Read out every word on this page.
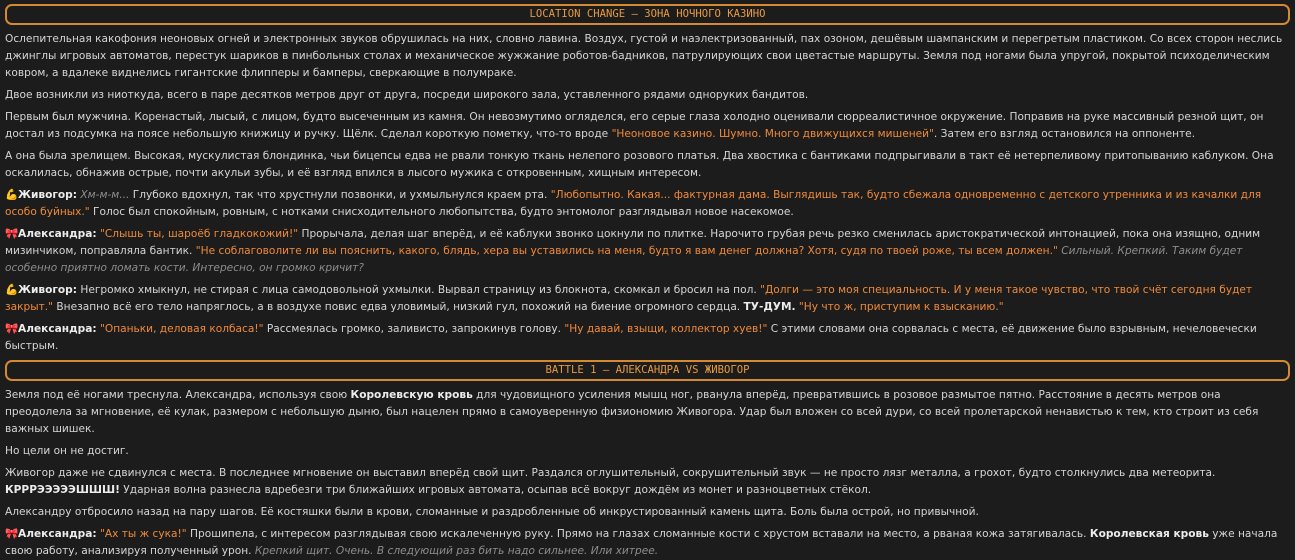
LOCATION CHANGE – ЗОНА НОЧНОГО КАЗИНО

Ослепительная какофония неоновых огней и электронных звуков обрушилась на них, словно лавина. Воздух, густой и наэлектризованный, пах озоном, дешёвым шампанским и перегретым пластиком. Со всех сторон неслись джинглы игровых автоматов, перестук шариков в пинбольных столах и механическое жужжание роботов-бадников, патрулирующих свои цветастые маршруты. Земля под ногами была упругой, покрытой психоделическим ковром, а вдалеке виднелись гигантские флипперы и бамперы, сверкающие в полумраке.

Двое возникли из ниоткуда, всего в паре десятков метров друг от друга, посреди широкого зала, уставленного рядами одноруких бандитов.

Первым был мужчина. Коренастый, лысый, с лицом, будто высеченным из камня. Он невозмутимо огляделся, его серые глаза холодно оценивали сюрреалистичное окружение. Поправив на руке массивный резной щит, он достал из подсумка на поясе небольшую книжицу и ручку. Щёлк. Сделал короткую пометку, что-то вроде "Неоновое казино. Шумно. Много движущихся мишеней". Затем его взгляд остановился на оппоненте.

А она была зрелищем. Высокая, мускулистая блондинка, чьи бицепсы едва не рвали тонкую ткань нелепого розового платья. Два хвостика с бантиками подпрыгивали в такт её нетерпеливому притопыванию каблуком. Она оскалилась, обнажив острые, почти акульи зубы, и её взгляд впился в лысого мужика с откровенным, хищным интересом.

💪Живогор: Хм-м-м... Глубоко вдохнул, так что хрустнули позвонки, и ухмыльнулся краем рта. "Любопытно. Какая... фактурная дама. Выглядишь так, будто сбежала одновременно с детского утренника и из качалки для особо буйных." Голос был спокойным, ровным, с нотками снисходительного любопытства, будто энтомолог разглядывал новое насекомое.

🎀Александра: "Слышь ты, шароёб гладкокожий!" Прорычала, делая шаг вперёд, и её каблуки звонко цокнули по плитке. Нарочито грубая речь резко сменилась аристократической интонацией, пока она изящно, одним мизинчиком, поправляла бантик. "Не соблаговолите ли вы пояснить, какого, блядь, хера вы уставились на меня, будто я вам денег должна? Хотя, судя по твоей роже, ты всем должен." Сильный. Крепкий. Таким будет особенно приятно ломать кости. Интересно, он громко кричит?

💪Живогор: Негромко хмыкнул, не стирая с лица самодовольной ухмылки. Вырвал страницу из блокнота, скомкал и бросил на пол. "Долги — это моя специальность. И у меня такое чувство, что твой счёт сегодня будет закрыт." Внезапно всё его тело напряглось, а в воздухе повис едва уловимый, низкий гул, похожий на биение огромного сердца. ТУ-ДУМ. "Ну что ж, приступим к взысканию."

🎀Александра: "Опаньки, деловая колбаса!" Рассмеялась громко, заливисто, запрокинув голову. "Ну давай, взыщи, коллектор хуев!" С этими словами она сорвалась с места, её движение было взрывным, нечеловечески быстрым.

BATTLE 1 – АЛЕКСАНДРА VS ЖИВОГОР

Земля под её ногами треснула. Александра, используя свою Королевскую кровь для чудовищного усиления мышц ног, рванула вперёд, превратившись в розовое размытое пятно. Расстояние в десять метров она преодолела за мгновение, её кулак, размером с небольшую дыню, был нацелен прямо в самоуверенную физиономию Живогора. Удар был вложен со всей дури, со всей пролетарской ненавистью к тем, кто строит из себя важных шишек.

Но цели он не достиг.

Живогор даже не сдвинулся с места. В последнее мгновение он выставил вперёд свой щит. Раздался оглушительный, сокрушительный звук — не просто лязг металла, а грохот, будто столкнулись два метеорита. КРРРЭЭЭЭЭШШШ! Ударная волна разнесла вдребезги три ближайших игровых автомата, осыпав всё вокруг дождём из монет и разноцветных стёкол.

Александру отбросило назад на пару шагов. Её костяшки были в крови, сломанные и раздробленные об инкрустированный камень щита. Боль была острой, но привычной.

🎀Александра: "Ах ты ж сука!" Прошипела, с интересом разглядывая свою искалеченную руку. Прямо на глазах сломанные кости с хрустом вставали на место, а рваная кожа затягивалась. Королевская кровь уже начала свою работу, анализируя полученный урон. Крепкий щит. Очень. В следующий раз бить надо сильнее. Или хитрее.
